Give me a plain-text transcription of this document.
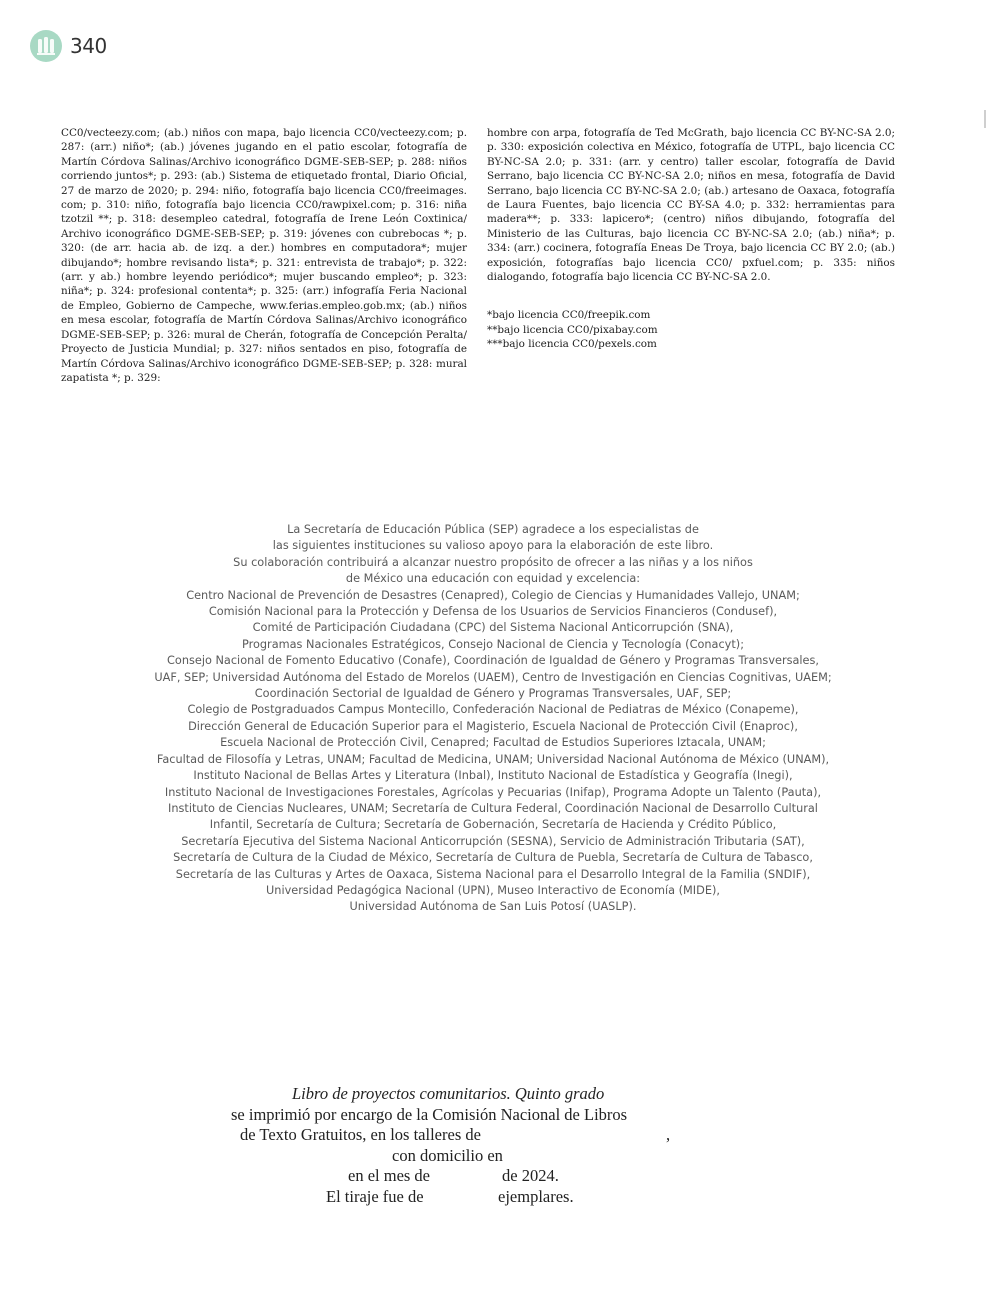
340

CC0/vecteezy.com; (ab.) niños con mapa, bajo licencia CC0/vecteezy.com; p. 287: (arr.) niño*; (ab.) jóvenes jugando en el patio escolar, fotografía de Martín Córdova Salinas/Archivo iconográfico DGME-SEB-SEP; p. 288: niños corriendo juntos*; p. 293: (ab.) Sistema de etiquetado frontal, Diario Oficial, 27 de marzo de 2020; p. 294: niño, fotografía bajo licencia CC0/freeimages. com; p. 310: niño, fotografía bajo licencia CC0/rawpixel.com; p. 316: niña tzotzil **; p. 318: desempleo catedral, fotografía de Irene León Coxtinica/ Archivo iconográfico DGME-SEB-SEP; p. 319: jóvenes con cubrebocas *; p. 320: (de arr. hacia ab. de izq. a der.) hombres en computadora*; mujer dibujando*; hombre revisando lista*; p. 321: entrevista de trabajo*; p. 322: (arr. y ab.) hombre leyendo periódico*; mujer buscando empleo*; p. 323: niña*; p. 324: profesional contenta*; p. 325: (arr.) infografía Feria Nacional de Empleo, Gobierno de Campeche, www.ferias.empleo.gob.mx; (ab.) niños en mesa escolar, fotografía de Martín Córdova Salinas/Archivo iconográfico DGME-SEB-SEP; p. 326: mural de Cherán, fotografía de Concepción Peralta/ Proyecto de Justicia Mundial; p. 327: niños sentados en piso, fotografía de Martín Córdova Salinas/Archivo iconográfico DGME-SEB-SEP; p. 328: mural zapatista *; p. 329:

hombre con arpa, fotografía de Ted McGrath, bajo licencia CC BY-NC-SA 2.0; p. 330: exposición colectiva en México, fotografía de UTPL, bajo licencia CC BY-NC-SA 2.0; p. 331: (arr. y centro) taller escolar, fotografía de David Serrano, bajo licencia CC BY-NC-SA 2.0; niños en mesa, fotografía de David Serrano, bajo licencia CC BY-NC-SA 2.0; (ab.) artesano de Oaxaca, fotografía de Laura Fuentes, bajo licencia CC BY-SA 4.0; p. 332: herramientas para madera**; p. 333: lapicero*; (centro) niños dibujando, fotografía del Ministerio de las Culturas, bajo licencia CC BY-NC-SA 2.0; (ab.) niña*; p. 334: (arr.) cocinera, fotografía Eneas De Troya, bajo licencia CC BY 2.0; (ab.) exposición, fotografías bajo licencia CC0/ pxfuel.com; p. 335: niños dialogando, fotografía bajo licencia CC BY-NC-SA 2.0.

*bajo licencia CC0/freepik.com
**bajo licencia CC0/pixabay.com
***bajo licencia CC0/pexels.com
La Secretaría de Educación Pública (SEP) agradece a los especialistas de
las siguientes instituciones su valioso apoyo para la elaboración de este libro.
Su colaboración contribuirá a alcanzar nuestro propósito de ofrecer a las niñas y a los niños
de México una educación con equidad y excelencia:
Centro Nacional de Prevención de Desastres (Cenapred), Colegio de Ciencias y Humanidades Vallejo, UNAM;
Comisión Nacional para la Protección y Defensa de los Usuarios de Servicios Financieros (Condusef),
Comité de Participación Ciudadana (CPC) del Sistema Nacional Anticorrupción (SNA),
Programas Nacionales Estratégicos, Consejo Nacional de Ciencia y Tecnología (Conacyt);
Consejo Nacional de Fomento Educativo (Conafe), Coordinación de Igualdad de Género y Programas Transversales,
UAF, SEP; Universidad Autónoma del Estado de Morelos (UAEM), Centro de Investigación en Ciencias Cognitivas, UAEM;
Coordinación Sectorial de Igualdad de Género y Programas Transversales, UAF, SEP;
Colegio de Postgraduados Campus Montecillo, Confederación Nacional de Pediatras de México (Conapeme),
Dirección General de Educación Superior para el Magisterio, Escuela Nacional de Protección Civil (Enaproc),
Escuela Nacional de Protección Civil, Cenapred; Facultad de Estudios Superiores Iztacala, UNAM;
Facultad de Filosofía y Letras, UNAM; Facultad de Medicina, UNAM; Universidad Nacional Autónoma de México (UNAM),
Instituto Nacional de Bellas Artes y Literatura (Inbal), Instituto Nacional de Estadística y Geografía (Inegi),
Instituto Nacional de Investigaciones Forestales, Agrícolas y Pecuarias (Inifap), Programa Adopte un Talento (Pauta),
Instituto de Ciencias Nucleares, UNAM; Secretaría de Cultura Federal, Coordinación Nacional de Desarrollo Cultural
Infantil, Secretaría de Cultura; Secretaría de Gobernación, Secretaría de Hacienda y Crédito Público,
Secretaría Ejecutiva del Sistema Nacional Anticorrupción (SESNA), Servicio de Administración Tributaria (SAT),
Secretaría de Cultura de la Ciudad de México, Secretaría de Cultura de Puebla, Secretaría de Cultura de Tabasco,
Secretaría de las Culturas y Artes de Oaxaca, Sistema Nacional para el Desarrollo Integral de la Familia (SNDIF),
Universidad Pedagógica Nacional (UPN), Museo Interactivo de Economía (MIDE),
Universidad Autónoma de San Luis Potosí (UASLP).
Libro de proyectos comunitarios. Quinto grado
se imprimió por encargo de la Comisión Nacional de Libros
de Texto Gratuitos, en los talleres de	,
con domicilio en
en el mes de	de 2024.
El tiraje fue de	ejemplares.
